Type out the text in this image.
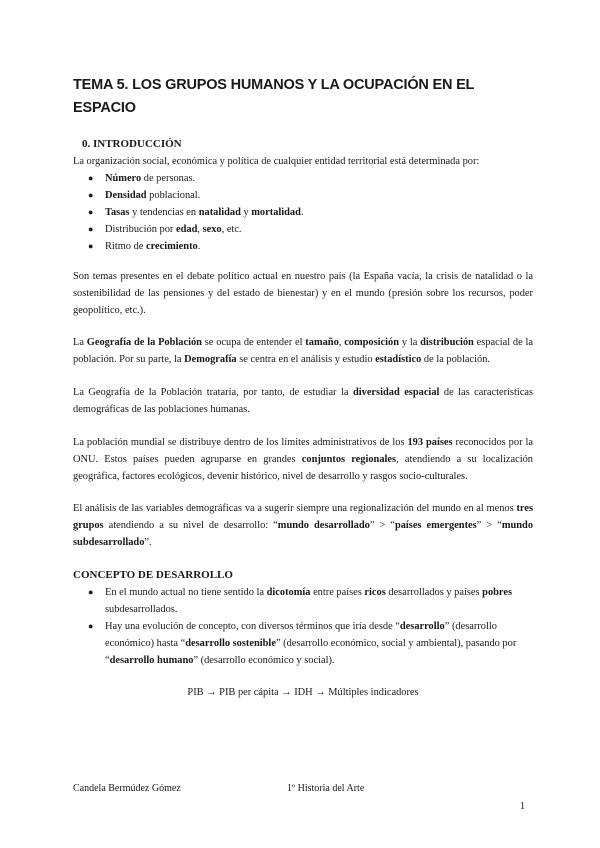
TEMA 5. LOS GRUPOS HUMANOS Y LA OCUPACIÓN EN EL ESPACIO
0. INTRODUCCIÓN
La organización social, económica y política de cualquier entidad territorial está determinada por:
● Número de personas.
● Densidad poblacional.
● Tasas y tendencias en natalidad y mortalidad.
● Distribución por edad, sexo, etc.
● Ritmo de crecimiento.
Son temas presentes en el debate político actual en nuestro país (la España vacía, la crisis de natalidad o la sostenibilidad de las pensiones y del estado de bienestar) y en el mundo (presión sobre los recursos, poder geopolítico, etc.).
La Geografía de la Población se ocupa de entender el tamaño, composición y la distribución espacial de la población. Por su parte, la Demografía se centra en el análisis y estudio estadístico de la población.
La Geografía de la Población trataría, por tanto, de estudiar la diversidad espacial de las características demográficas de las poblaciones humanas.
La población mundial se distribuye dentro de los límites administrativos de los 193 países reconocidos por la ONU. Estos países pueden agruparse en grandes conjuntos regionales, atendiendo a su localización geográfica, factores ecológicos, devenir histórico, nivel de desarrollo y rasgos socio-culturales.
El análisis de las variables demográficas va a sugerir siempre una regionalización del mundo en al menos tres grupos atendiendo a su nivel de desarrollo: “mundo desarrollado” > “países emergentes” > “mundo subdesarrollado”.
CONCEPTO DE DESARROLLO
● En el mundo actual no tiene sentido la dicotomía entre países ricos desarrollados y países pobres subdesarrollados.
● Hay una evolución de concepto, con diversos términos que iría desde “desarrollo” (desarrollo económico) hasta “desarrollo sostenible” (desarrollo económico, social y ambiental), pasando por “desarrollo humano” (desarrollo económico y social).
PIB → PIB per cápita → IDH → Múltiples indicadores
Candela Bermúdez Gómez	1º Historia del Arte
1
